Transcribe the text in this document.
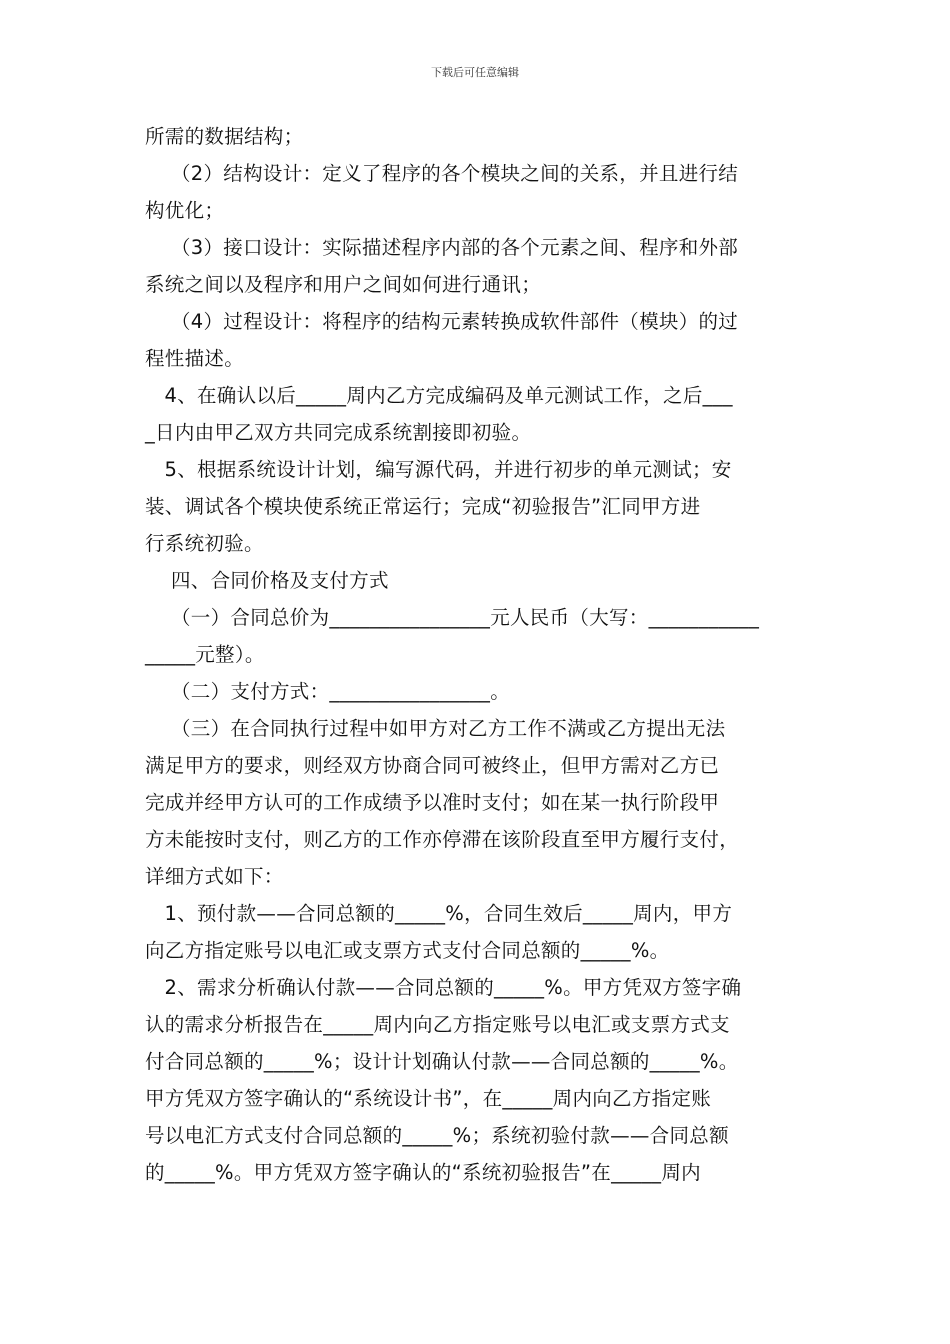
下载后可任意编辑
所需的数据结构；
（2）结构设计：定义了程序的各个模块之间的关系，并且进行结
构优化；
（3）接口设计：实际描述程序内部的各个元素之间、程序和外部
系统之间以及程序和用户之间如何进行通讯；
（4）过程设计：将程序的结构元素转换成软件部件（模块）的过
程性描述。
4、在确认以后_____周内乙方完成编码及单元测试工作，之后___
_日内由甲乙双方共同完成系统割接即初验。
5、根据系统设计计划，编写源代码，并进行初步的单元测试；安
装、调试各个模块使系统正常运行；完成“初验报告”汇同甲方进
行系统初验。
四、合同价格及支付方式
（一）合同总价为________________元人民币（大写：___________
_____元整）。
（二）支付方式：________________。
（三）在合同执行过程中如甲方对乙方工作不满或乙方提出无法
满足甲方的要求，则经双方协商合同可被终止，但甲方需对乙方已
完成并经甲方认可的工作成绩予以准时支付；如在某一执行阶段甲
方未能按时支付，则乙方的工作亦停滞在该阶段直至甲方履行支付，
详细方式如下：
1、预付款——合同总额的_____%，合同生效后_____周内，甲方
向乙方指定账号以电汇或支票方式支付合同总额的_____%。
2、需求分析确认付款——合同总额的_____%。甲方凭双方签字确
认的需求分析报告在_____周内向乙方指定账号以电汇或支票方式支
付合同总额的_____%；设计计划确认付款——合同总额的_____%。
甲方凭双方签字确认的“系统设计书”，在_____周内向乙方指定账
号以电汇方式支付合同总额的_____%；系统初验付款——合同总额
的_____%。甲方凭双方签字确认的“系统初验报告”在_____周内
